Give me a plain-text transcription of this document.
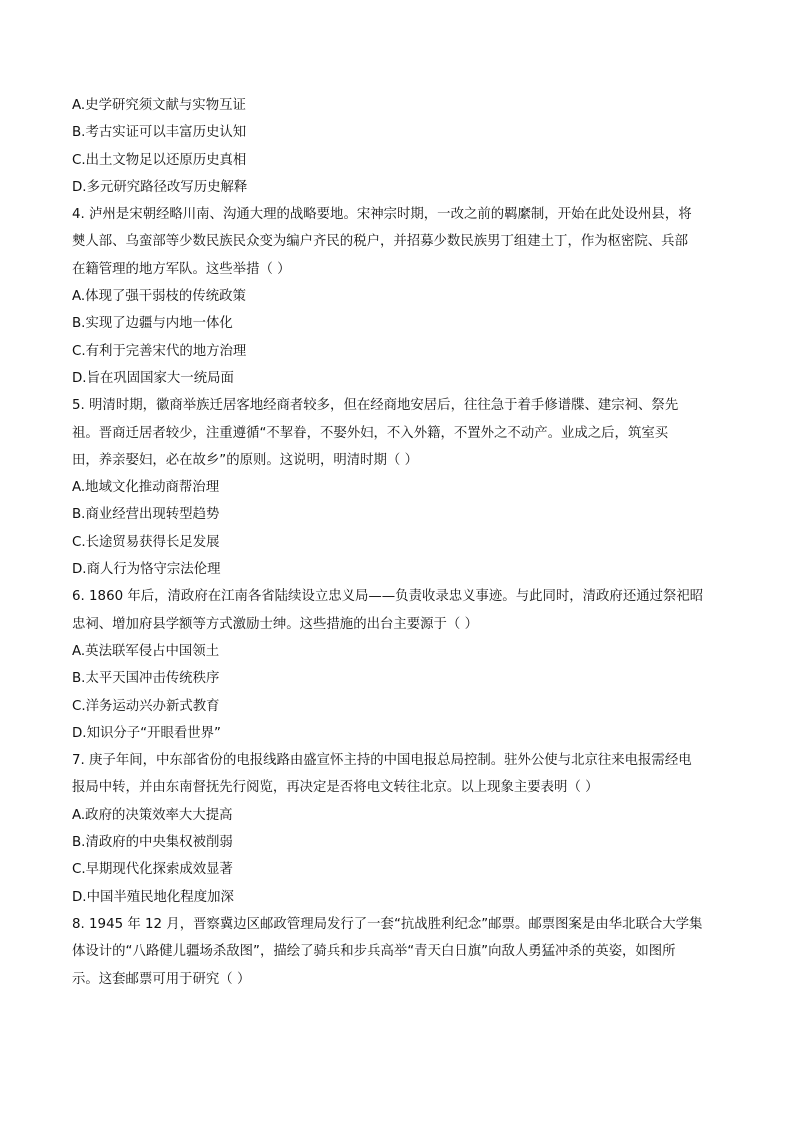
A.史学研究须文献与实物互证
B.考古实证可以丰富历史认知
C.出土文物足以还原历史真相
D.多元研究路径改写历史解释
4. 泸州是宋朝经略川南、沟通大理的战略要地。宋神宗时期，一改之前的羁縻制，开始在此处设州县，将
僰人部、乌蛮部等少数民族民众变为编户齐民的税户，并招募少数民族男丁组建土丁，作为枢密院、兵部
在籍管理的地方军队。这些举措（ ）
A.体现了强干弱枝的传统政策
B.实现了边疆与内地一体化
C.有利于完善宋代的地方治理
D.旨在巩固国家大一统局面
5. 明清时期，徽商举族迁居客地经商者较多，但在经商地安居后，往往急于着手修谱牒、建宗祠、祭先
祖。晋商迁居者较少，注重遵循“不挈眷，不娶外妇，不入外籍，不置外之不动产。业成之后，筑室买
田，养亲娶妇，必在故乡”的原则。这说明，明清时期（ ）
A.地域文化推动商帮治理
B.商业经营出现转型趋势
C.长途贸易获得长足发展
D.商人行为恪守宗法伦理
6. 1860 年后，清政府在江南各省陆续设立忠义局——负责收录忠义事迹。与此同时，清政府还通过祭祀昭
忠祠、增加府县学额等方式激励士绅。这些措施的出台主要源于（ ）
A.英法联军侵占中国领土
B.太平天国冲击传统秩序
C.洋务运动兴办新式教育
D.知识分子“开眼看世界”
7. 庚子年间，中东部省份的电报线路由盛宣怀主持的中国电报总局控制。驻外公使与北京往来电报需经电
报局中转，并由东南督抚先行阅览，再决定是否将电文转往北京。以上现象主要表明（ ）
A.政府的决策效率大大提高
B.清政府的中央集权被削弱
C.早期现代化探索成效显著
D.中国半殖民地化程度加深
8. 1945 年 12 月，晋察冀边区邮政管理局发行了一套“抗战胜利纪念”邮票。邮票图案是由华北联合大学集
体设计的“八路健儿疆场杀敌图”，描绘了骑兵和步兵高举“青天白日旗”向敌人勇猛冲杀的英姿，如图所
示。这套邮票可用于研究（ ）
